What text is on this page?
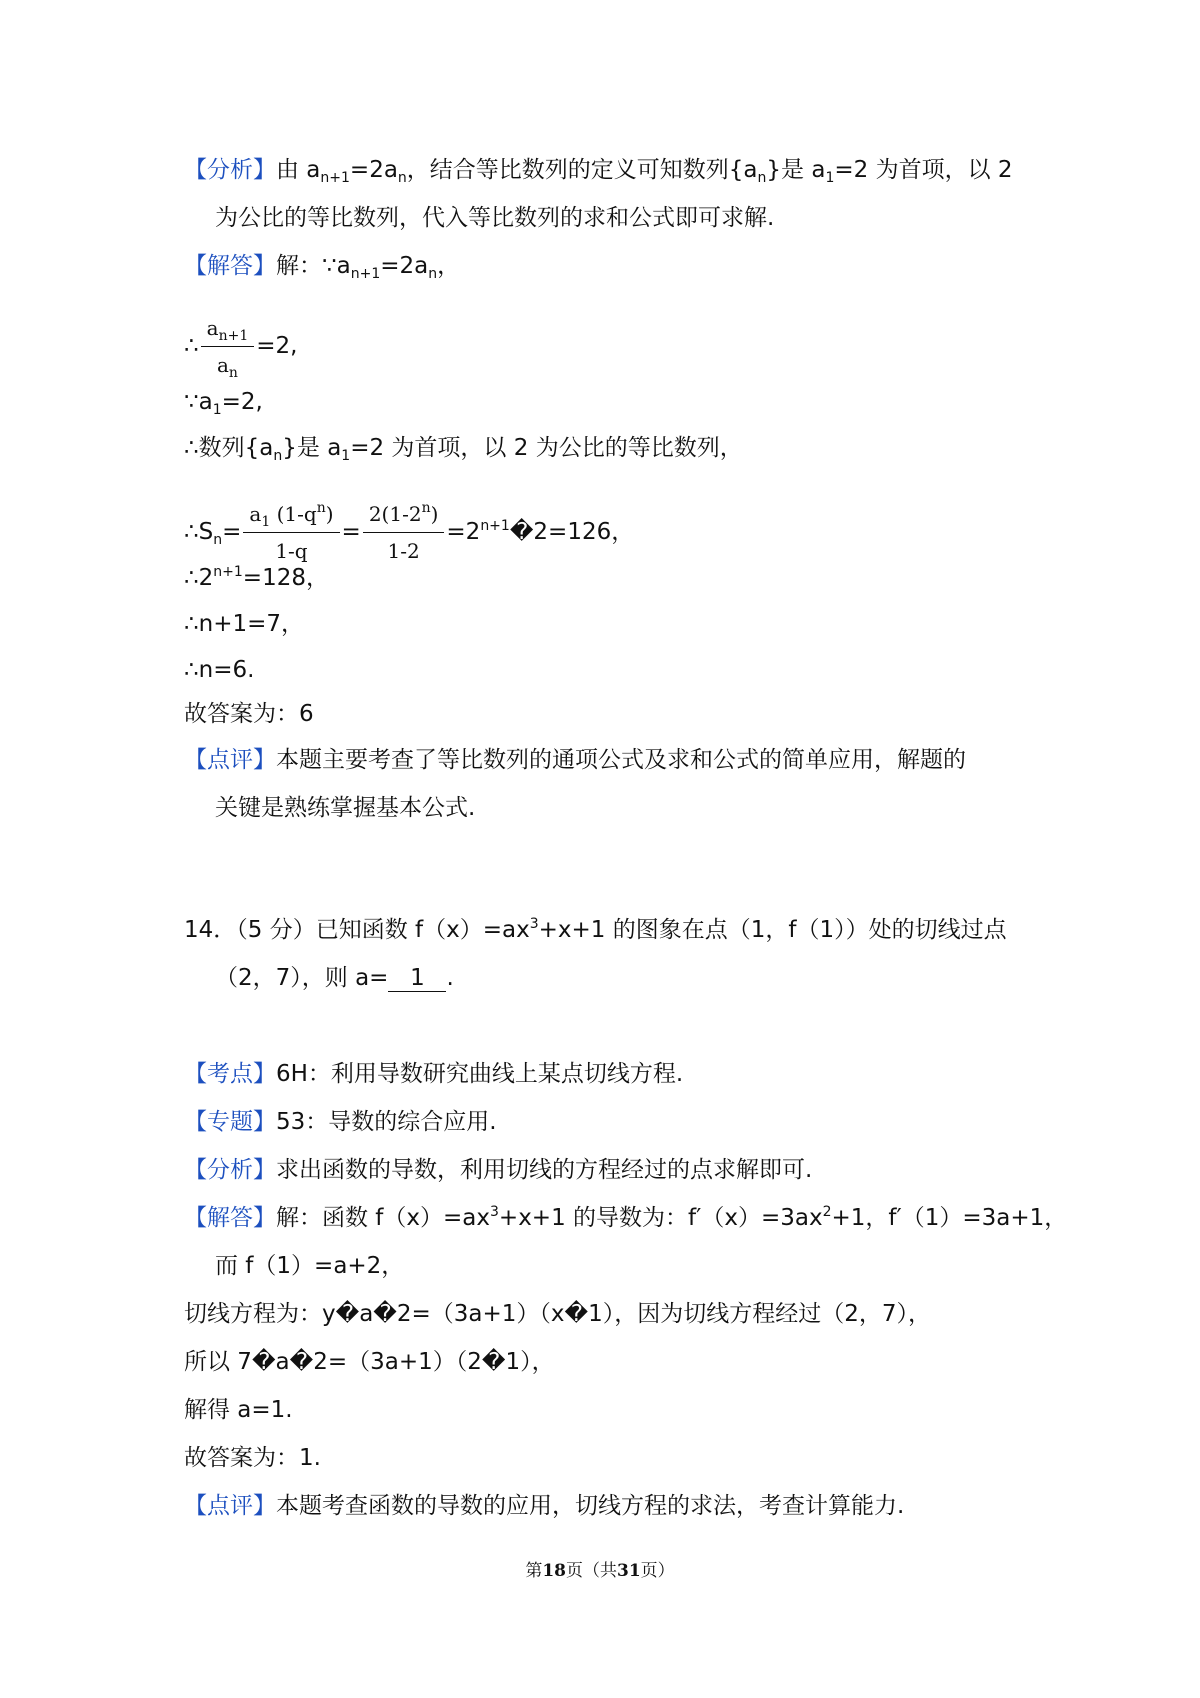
【分析】由 $a_{n+1}=2a_n$，结合等比数列的定义可知数列$\{a_n\}$是 $a_1=2$ 为首项，以 2
为公比的等比数列，代入等比数列的求和公式即可求解.
【解答】解：$\because a_{n+1}=2a_n$，
∴ $\frac{a_{n+1}}{a_n} =2$,
$\because a_1=2$,
∴数列$\{a_n\}$是 $a_1=2$ 为首项，以 2 为公比的等比数列，
$\therefore S_n= \frac{a_1 (1-q^n)}{1-q} = \frac{2(1-2^n)}{1-2}$ $=2^{n+1}�2=126$，
$\therefore 2^{n+1}=128$，
∴n+1=7，
∴n=6.
故答案为：6
【点评】本题主要考查了等比数列的通项公式及求和公式的简单应用，解题的
关键是熟练掌握基本公式.
14．（5 分）已知函数 $f(x)=ax^3+x+1$ 的图象在点（1，f（1））处的切线过点
（2，7），则 a= 1 .
【考点】6H：利用导数研究曲线上某点切线方程.
【专题】53：导数的综合应用.
【分析】求出函数的导数，利用切线的方程经过的点求解即可.
【解答】解：函数 $f(x)=ax^3+x+1$ 的导数为：$f'(x)=3ax^2+1$，f′（1）=3a+1，
而 f（1）=a+2，
切线方程为：y�a�2=（3a+1）（x�1），因为切线方程经过（2，7），
所以 7�a�2=（3a+1）（2�1），
解得 a=1.
故答案为：1.
【点评】本题考查函数的导数的应用，切线方程的求法，考查计算能力.
第18页（共31页）
